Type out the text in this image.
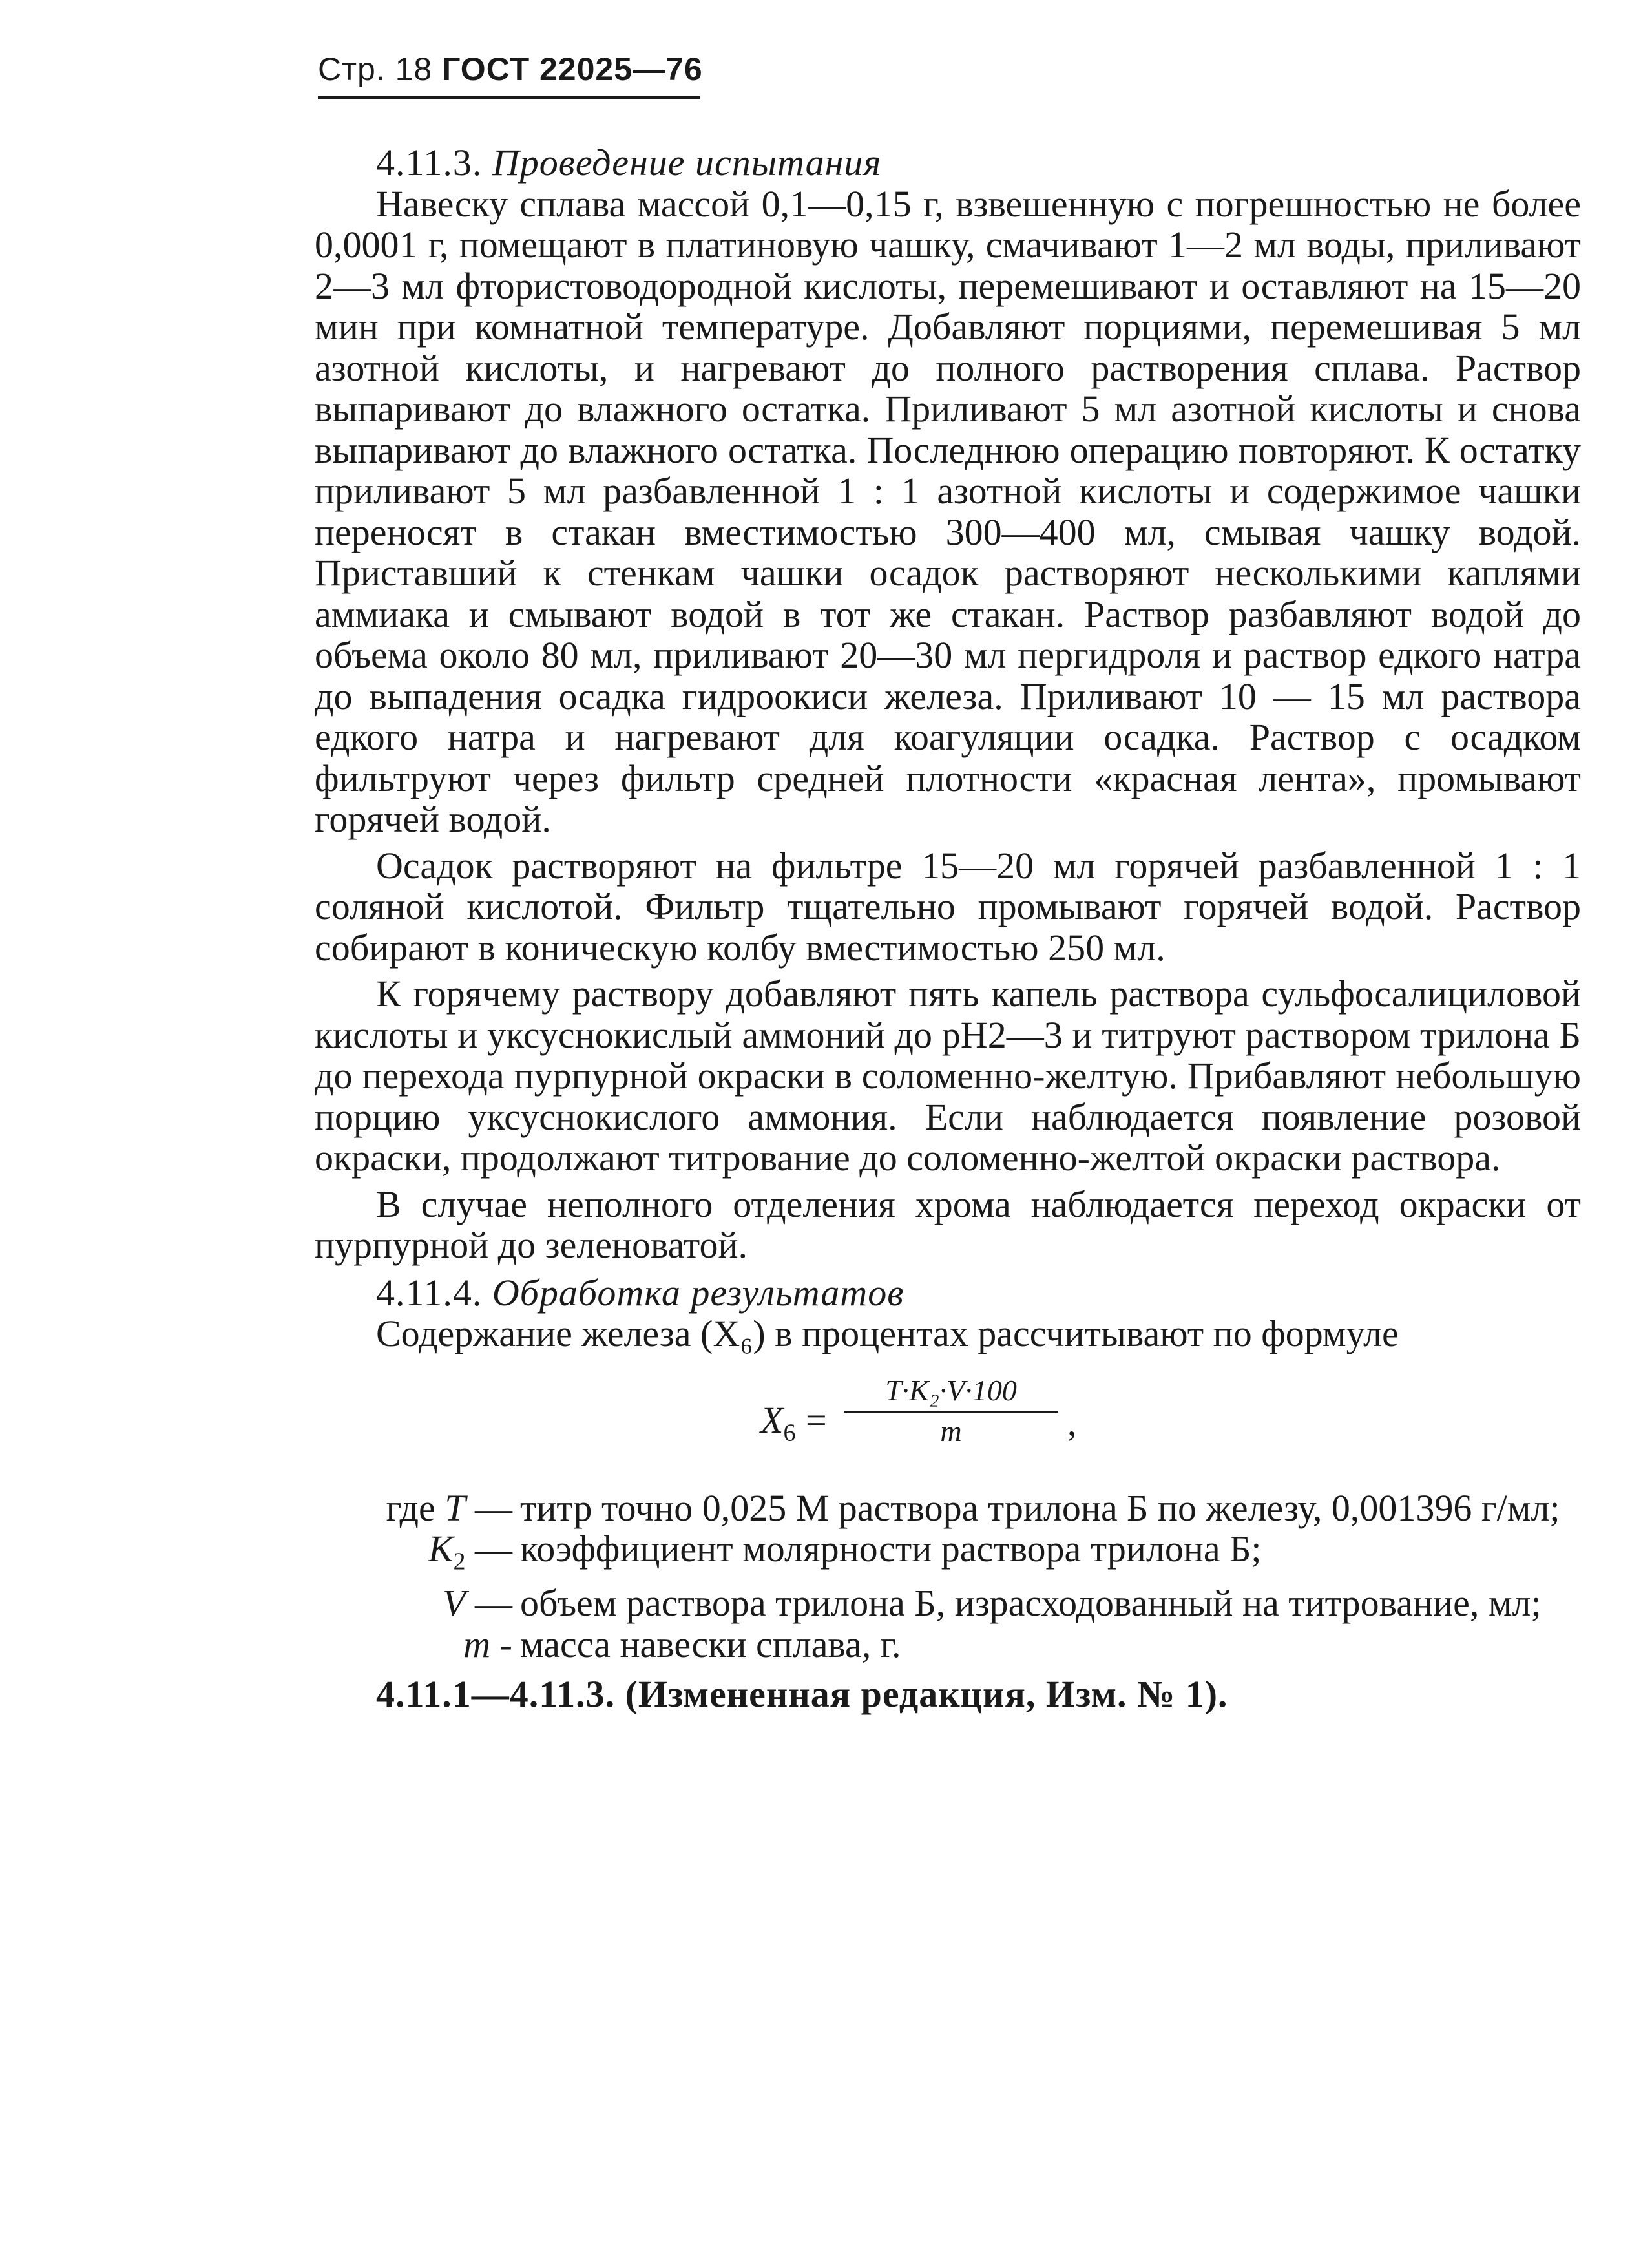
Стр. 18 ГОСТ 22025—76
4.11.3. Проведение испытания

Навеску сплава массой 0,1—0,15 г, взвешенную с погрешностью не более 0,0001 г, помещают в платиновую чашку, смачивают 1—2 мл воды, приливают 2—3 мл фтористоводородной кислоты, перемешивают и оставляют на 15—20 мин при комнатной температуре. Добавляют порциями, перемешивая 5 мл азотной кислоты, и нагревают до полного растворения сплава. Раствор выпаривают до влажного остатка. Приливают 5 мл азотной кислоты и снова выпаривают до влажного остатка. Последнюю операцию повторяют. К остатку приливают 5 мл разбавленной 1 : 1 азотной кислоты и содержимое чашки переносят в стакан вместимостью 300—400 мл, смывая чашку водой. Приставший к стенкам чашки осадок растворяют несколькими каплями аммиака и смывают водой в тот же стакан. Раствор разбавляют водой до объема около 80 мл, приливают 20—30 мл пергидроля и раствор едкого натра до выпадения осадка гидроокиси железа. Приливают 10 — 15 мл раствора едкого натра и нагревают для коагуляции осадка. Раствор с осадком фильтруют через фильтр средней плотности «красная лента», промывают горячей водой.

Осадок растворяют на фильтре 15—20 мл горячей разбавленной 1 : 1 соляной кислотой. Фильтр тщательно промывают горячей водой. Раствор собирают в коническую колбу вместимостью 250 мл.

К горячему раствору добавляют пять капель раствора сульфосалициловой кислоты и уксуснокислый аммоний до рН2—3 и титруют раствором трилона Б до перехода пурпурной окраски в соломенно-желтую. Прибавляют небольшую порцию уксуснокислого аммония. Если наблюдается появление розовой окраски, продолжают титрование до соломенно-желтой окраски раствора.

В случае неполного отделения хрома наблюдается переход окраски от пурпурной до зеленоватой.

4.11.4. Обработка результатов

Содержание железа (X₆) в процентах рассчитывают по формуле

$X_6 = \frac{\text{T·K₂·V·100}}{m}$ ,
где T — титр точно 0,025 М раствора трилона Б по железу, 0,001396 г/мл;
$K_2$ — коэффициент молярности раствора трилона Б;
V — объем раствора трилона Б, израсходованный на титрование, мл;
m - масса навески сплава, г.
4.11.1—4.11.3. (Измененная редакция, Изм. № 1).
